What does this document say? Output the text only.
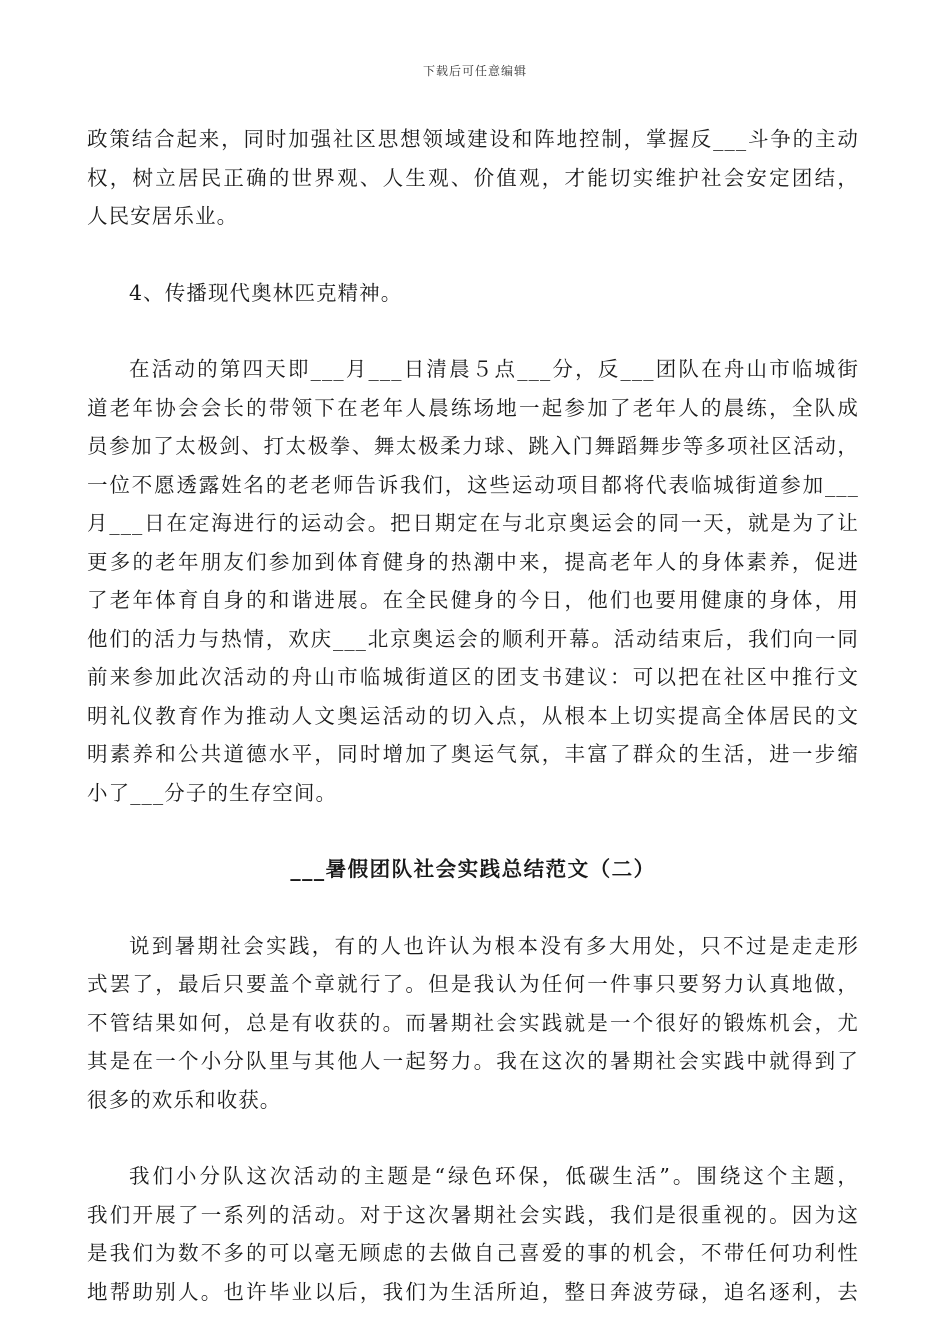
下载后可任意编辑
政策结合起来，同时加强社区思想领域建设和阵地控制，掌握反___斗争的主动
权，树立居民正确的世界观、人生观、价值观，才能切实维护社会安定团结，
人民安居乐业。
4、传播现代奥林匹克精神。
在活动的第四天即___月___日清晨５点___分，反___团队在舟山市临城街
道老年协会会长的带领下在老年人晨练场地一起参加了老年人的晨练，全队成
员参加了太极剑、打太极拳、舞太极柔力球、跳入门舞蹈舞步等多项社区活动，
一位不愿透露姓名的老老师告诉我们，这些运动项目都将代表临城街道参加___
月___日在定海进行的运动会。把日期定在与北京奥运会的同一天，就是为了让
更多的老年朋友们参加到体育健身的热潮中来，提高老年人的身体素养，促进
了老年体育自身的和谐进展。在全民健身的今日，他们也要用健康的身体，用
他们的活力与热情，欢庆___北京奥运会的顺利开幕。活动结束后，我们向一同
前来参加此次活动的舟山市临城街道区的团支书建议：可以把在社区中推行文
明礼仪教育作为推动人文奥运活动的切入点，从根本上切实提高全体居民的文
明素养和公共道德水平，同时增加了奥运气氛，丰富了群众的生活，进一步缩
小了___分子的生存空间。
___暑假团队社会实践总结范文（二）
说到暑期社会实践，有的人也许认为根本没有多大用处，只不过是走走形
式罢了，最后只要盖个章就行了。但是我认为任何一件事只要努力认真地做，
不管结果如何，总是有收获的。而暑期社会实践就是一个很好的锻炼机会，尤
其是在一个小分队里与其他人一起努力。我在这次的暑期社会实践中就得到了
很多的欢乐和收获。
我们小分队这次活动的主题是“绿色环保，低碳生活”。围绕这个主题，
我们开展了一系列的活动。对于这次暑期社会实践，我们是很重视的。因为这
是我们为数不多的可以毫无顾虑的去做自己喜爱的事的机会，不带任何功利性
地帮助别人。也许毕业以后，我们为生活所迫，整日奔波劳碌，追名逐利，去
